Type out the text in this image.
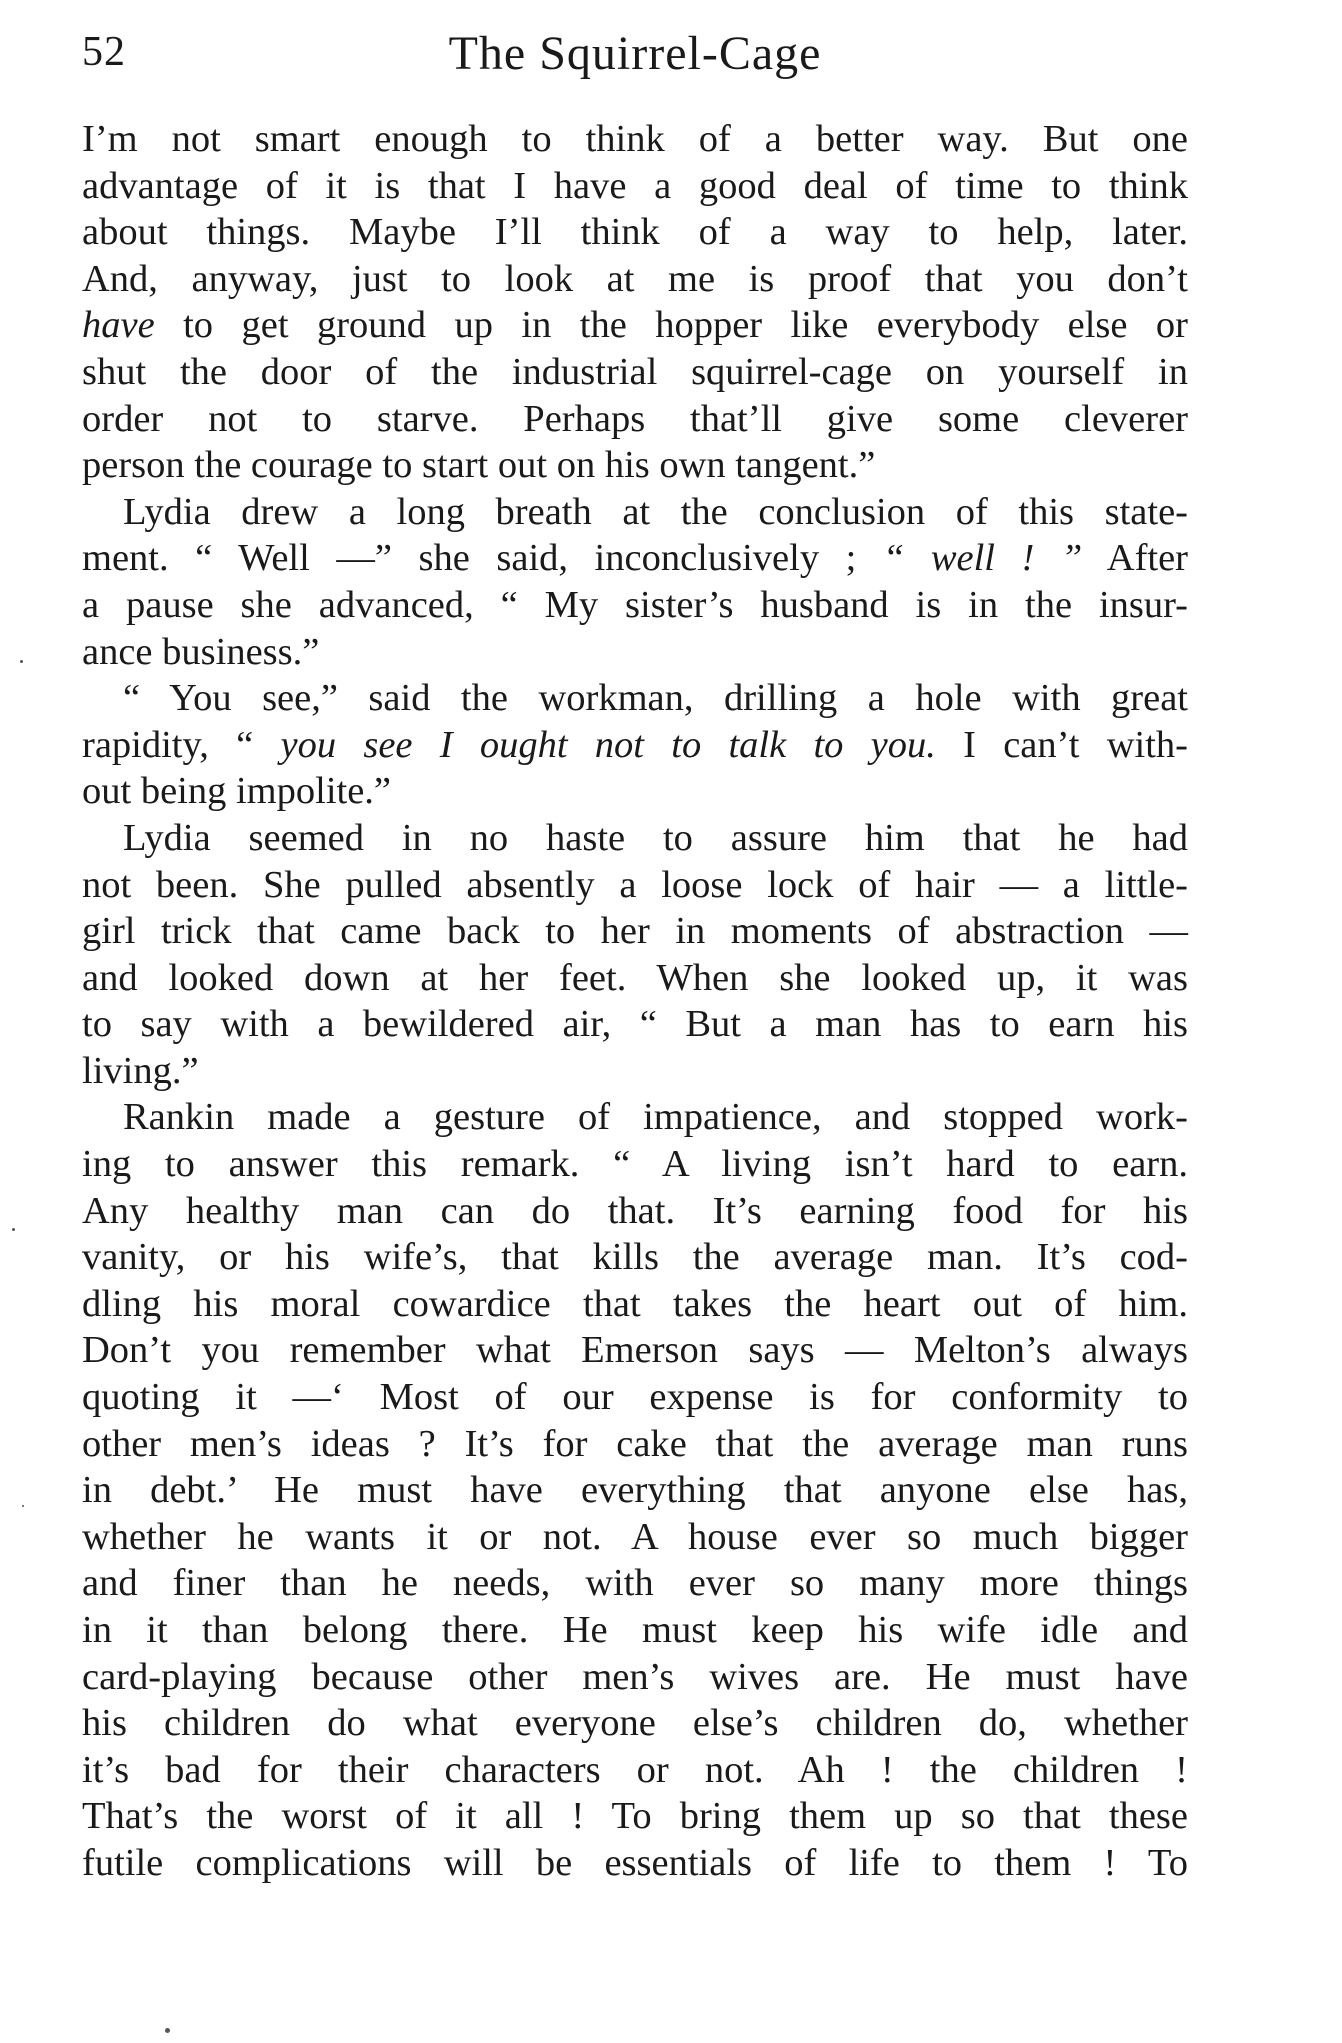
52	The Squirrel-Cage
I’m not smart enough to think of a better way. But one
advantage of it is that I have a good deal of time to think
about things. Maybe I’ll think of a way to help, later.
And, anyway, just to look at me is proof that you don’t
have to get ground up in the hopper like everybody else or
shut the door of the industrial squirrel-cage on yourself in
order not to starve. Perhaps that’ll give some cleverer
person the courage to start out on his own tangent.”
Lydia drew a long breath at the conclusion of this state-
ment. “ Well —” she said, inconclusively ; “ well ! ” After
a pause she advanced, “ My sister’s husband is in the insur-
ance business.”
“ You see,” said the workman, drilling a hole with great
rapidity, “ you see I ought not to talk to you. I can’t with-
out being impolite.”
Lydia seemed in no haste to assure him that he had
not been. She pulled absently a loose lock of hair — a little-
girl trick that came back to her in moments of abstraction —
and looked down at her feet. When she looked up, it was
to say with a bewildered air, “ But a man has to earn his
living.”
Rankin made a gesture of impatience, and stopped work-
ing to answer this remark. “ A living isn’t hard to earn.
Any healthy man can do that. It’s earning food for his
vanity, or his wife’s, that kills the average man. It’s cod-
dling his moral cowardice that takes the heart out of him.
Don’t you remember what Emerson says — Melton’s always
quoting it —‘ Most of our expense is for conformity to
other men’s ideas ? It’s for cake that the average man runs
in debt.’ He must have everything that anyone else has,
whether he wants it or not. A house ever so much bigger
and finer than he needs, with ever so many more things
in it than belong there. He must keep his wife idle and
card-playing because other men’s wives are. He must have
his children do what everyone else’s children do, whether
it’s bad for their characters or not. Ah ! the children !
That’s the worst of it all ! To bring them up so that these
futile complications will be essentials of life to them ! To
